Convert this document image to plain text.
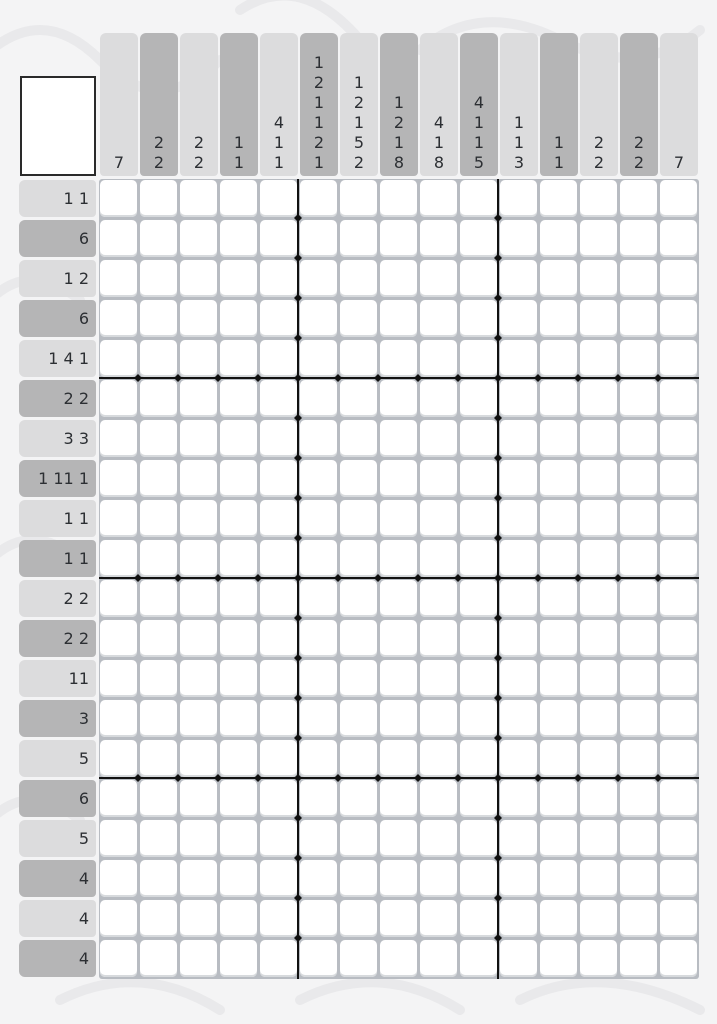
7
2
2
2
2
1
1
4
1
1
1
2
1
1
2
1
1
2
1
5
2
1
2
1
8
4
1
8
4
1
1
5
1
1
3
1
1
2
2
2
2	7
1 1
6
1 2
6
1 4 1
2 2
3 3
1 11 1
1 1
1 1
2 2
2 2
11
3
5
6
5
4
4
4
